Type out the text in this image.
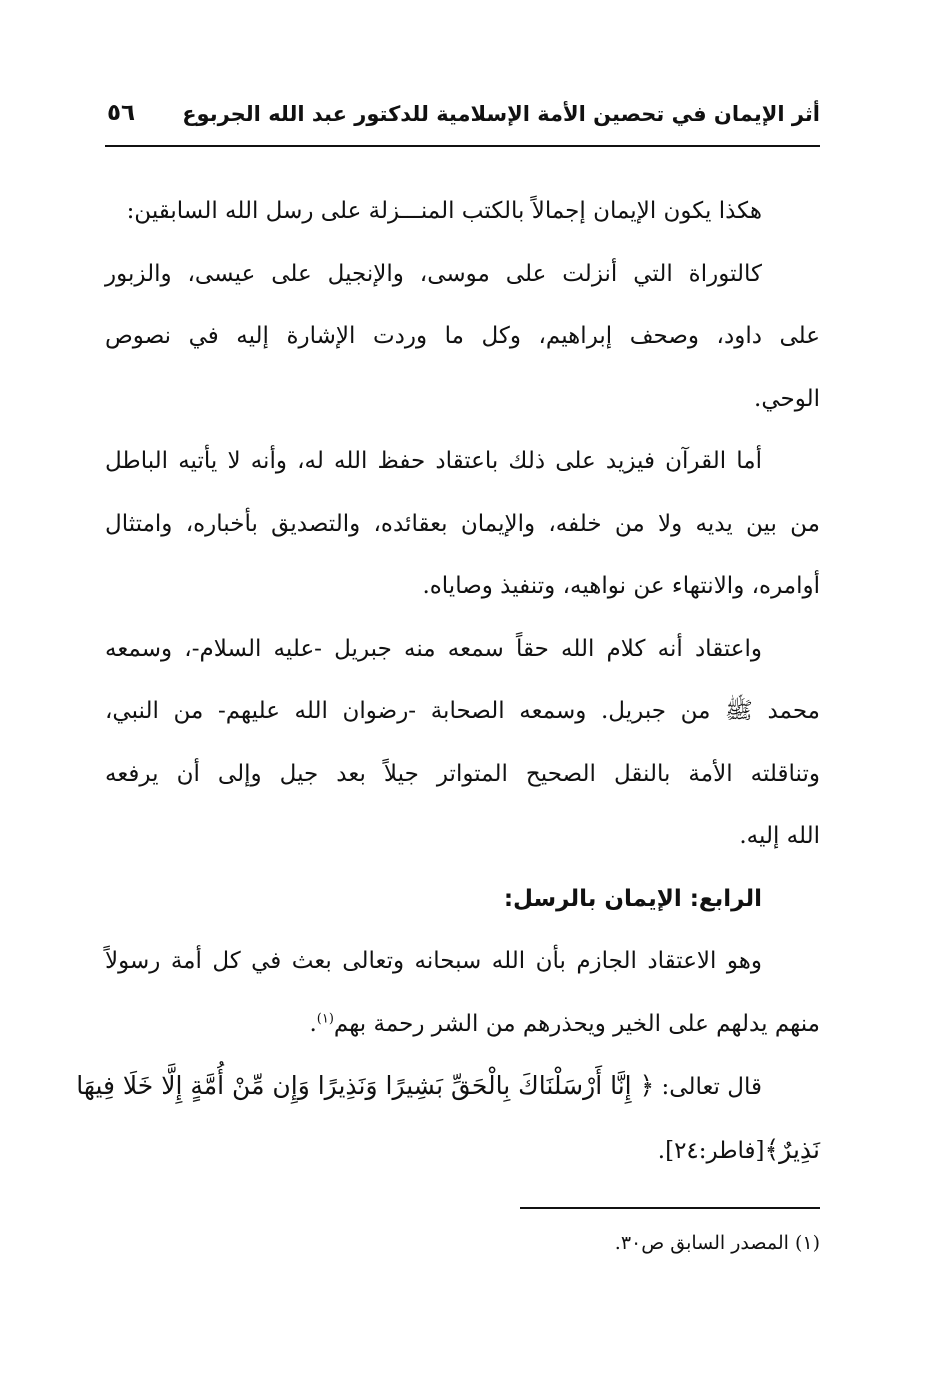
أثر الإيمان في تحصين الأمة الإسلامية للدكتور عبد الله الجربوع
٥٦

هكذا يكون الإيمان إجمالاً بالكتب المنـــزلة على رسل الله السابقين:

كالتوراة التي أنزلت على موسى، والإنجيل على عيسى، والزبور
على داود، وصحف إبراهيم، وكل ما وردت الإشارة إليه في نصوص
الوحي.
أما القرآن فيزيد على ذلك باعتقاد حفظ الله له، وأنه لا يأتيه الباطل
من بين يديه ولا من خلفه، والإيمان بعقائده، والتصديق بأخباره، وامتثال
أوامره، والانتهاء عن نواهيه، وتنفيذ وصاياه.
واعتقاد أنه كلام الله حقاً سمعه منه جبريل -عليه السلام-، وسمعه
محمد ﷺ من جبريل. وسمعه الصحابة -رضوان الله عليهم- من النبي،
وتناقلته الأمة بالنقل الصحيح المتواتر جيلاً بعد جيل وإلى أن يرفعه
الله إليه.

الرابع: الإيمان بالرسل:

وهو الاعتقاد الجازم بأن الله سبحانه وتعالى بعث في كل أمة رسولاً
منهم يدلهم على الخير ويحذرهم من الشر رحمة بهم$^{(١)}$.
قال تعالى: ﴿ إِنَّا أَرْسَلْنَاكَ بِالْحَقِّ بَشِيرًا وَنَذِيرًا وَإِن مِّنْ أُمَّةٍ إِلَّا خَلَا فِيهَا
نَذِيرٌ﴾[فاطر:٢٤].
(١) المصدر السابق ص٣٠.
